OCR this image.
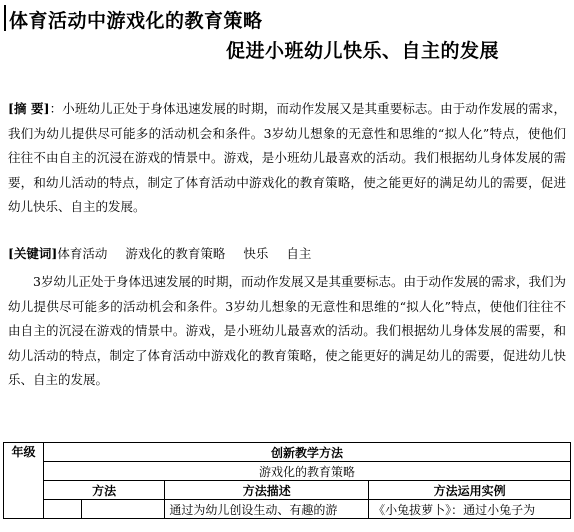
体育活动中游戏化的教育策略
促进小班幼儿快乐、自主的发展
[摘 要]：小班幼儿正处于身体迅速发展的时期，而动作发展又是其重要标志。由于动作发展的需求，我们为幼儿提供尽可能多的活动机会和条件。3岁幼儿想象的无意性和思维的“拟人化”特点，使他们往往不由自主的沉浸在游戏的情景中。游戏，是小班幼儿最喜欢的活动。我们根据幼儿身体发展的需要，和幼儿活动的特点，制定了体育活动中游戏化的教育策略，使之能更好的满足幼儿的需要，促进幼儿快乐、自主的发展。
[关键词]体育活动 游戏化的教育策略 快乐 自主
3岁幼儿正处于身体迅速发展的时期，而动作发展又是其重要标志。由于动作发展的需求，我们为幼儿提供尽可能多的活动机会和条件。3岁幼儿想象的无意性和思维的“拟人化”特点，使他们往往不由自主的沉浸在游戏的情景中。游戏，是小班幼儿最喜欢的活动。我们根据幼儿身体发展的需要，和幼儿活动的特点，制定了体育活动中游戏化的教育策略，使之能更好的满足幼儿的需要，促进幼儿快乐、自主的发展。
年级	创新教学方法			
	游戏化的教育策略			
	方法		方法描述	方法运用实例
			通过为幼儿创设生动、有趣的游	《小兔拔萝卜》：通过小兔子为
